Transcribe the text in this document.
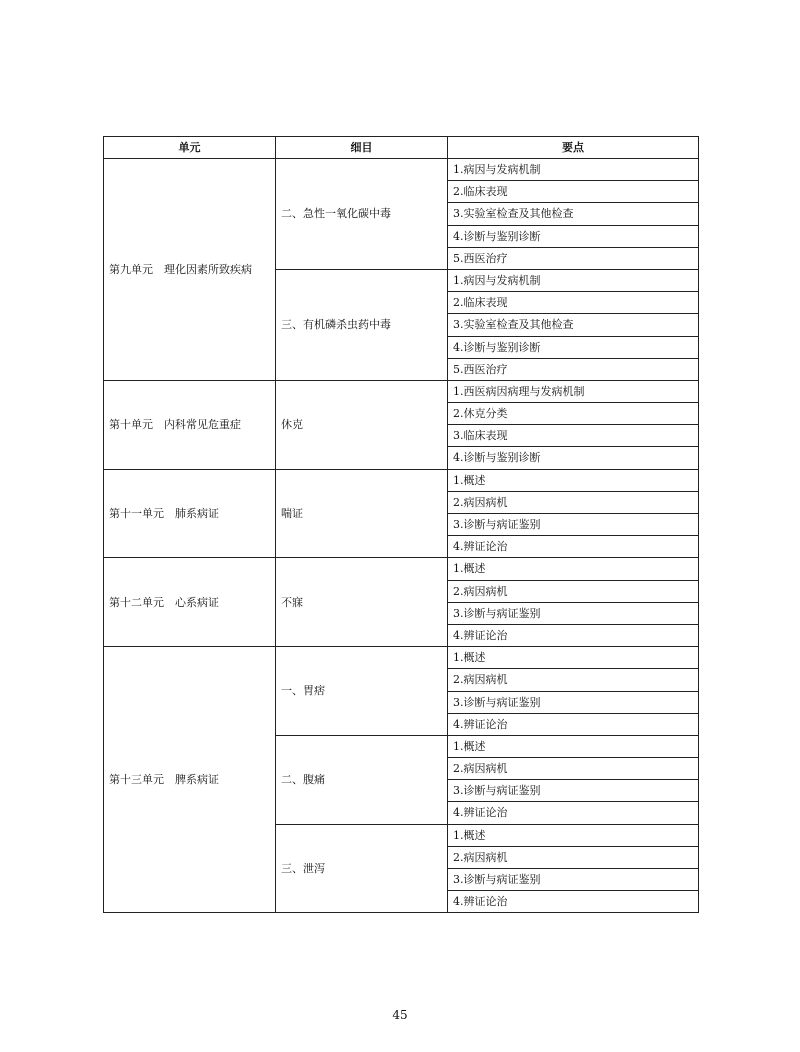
单元	细目	要点
第九单元　理化因素所致疾病	二、急性一氧化碳中毒	1.病因与发病机制
		2.临床表现
		3.实验室检查及其他检查
		4.诊断与鉴别诊断
		5.西医治疗
	三、有机磷杀虫药中毒	1.病因与发病机制
		2.临床表现
		3.实验室检查及其他检查
		4.诊断与鉴别诊断
		5.西医治疗
第十单元　内科常见危重症	休克	1.西医病因病理与发病机制
		2.休克分类
		3.临床表现
		4.诊断与鉴别诊断
第十一单元　肺系病证	喘证	1.概述
		2.病因病机
		3.诊断与病证鉴别
		4.辨证论治
第十二单元　心系病证	不寐	1.概述
		2.病因病机
		3.诊断与病证鉴别
		4.辨证论治
第十三单元　脾系病证	一、胃痞	1.概述
		2.病因病机
		3.诊断与病证鉴别
		4.辨证论治
	二、腹痛	1.概述
		2.病因病机
		3.诊断与病证鉴别
		4.辨证论治
	三、泄泻	1.概述
		2.病因病机
		3.诊断与病证鉴别
		4.辨证论治
45
